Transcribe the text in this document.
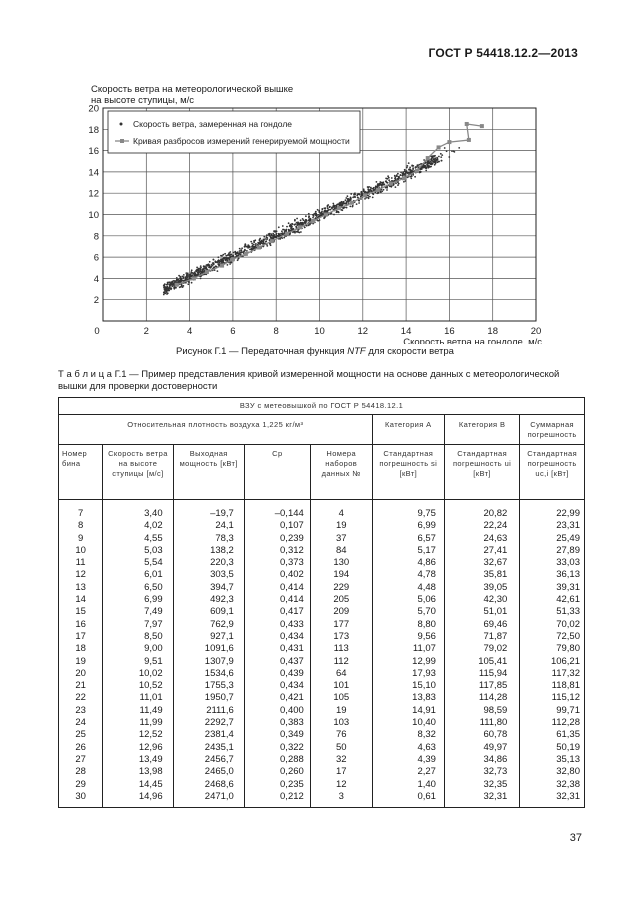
ГОСТ Р 54418.12.2—2013
Скорость ветра на метеорологической вышке
на высоте ступицы, м/с
0	2	4	6	8	10	12	14	16	18	20
2
4
6
8
10
12
14
16
18
20
Скорость ветра на гондоле, м/с
Скорость ветра, замеренная на гондоле
Кривая разбросов измерений генерируемой мощности
Рисунок Г.1 — Передаточная функция NTF для скорости ветра
Т а б л и ц а Г.1 — Пример представления кривой измеренной мощности на основе данных с метеорологической
вышки для проверки достоверности
ВЗУ с метеовышкой по ГОСТ Р 54418.12.1							
Относительная плотность воздуха 1,225 кг/м³					Категория А	Категория В	Суммарная погрешность
Номер бина	Скорость ветра на высоте ступицы [м/с]	Выходная мощность [кВт]	Cp	Номера наборов данных №	Стандартная погрешность si [кВт]	Стандартная погрешность ui [кВт]	Стандартная погрешность uc,i [кВт]
7	3,40	–19,7	–0,144	4	9,75	20,82	22,99
8	4,02	24,1	0,107	19	6,99	22,24	23,31
9	4,55	78,3	0,239	37	6,57	24,63	25,49
10	5,03	138,2	0,312	84	5,17	27,41	27,89
11	5,54	220,3	0,373	130	4,86	32,67	33,03
12	6,01	303,5	0,402	194	4,78	35,81	36,13
13	6,50	394,7	0,414	229	4,48	39,05	39,31
14	6,99	492,3	0,414	205	5,06	42,30	42,61
15	7,49	609,1	0,417	209	5,70	51,01	51,33
16	7,97	762,9	0,433	177	8,80	69,46	70,02
17	8,50	927,1	0,434	173	9,56	71,87	72,50
18	9,00	1091,6	0,431	113	11,07	79,02	79,80
19	9,51	1307,9	0,437	112	12,99	105,41	106,21
20	10,02	1534,6	0,439	64	17,93	115,94	117,32
21	10,52	1755,3	0,434	101	15,10	117,85	118,81
22	11,01	1950,7	0,421	105	13,83	114,28	115,12
23	11,49	2111,6	0,400	19	14,91	98,59	99,71
24	11,99	2292,7	0,383	103	10,40	111,80	112,28
25	12,52	2381,4	0,349	76	8,32	60,78	61,35
26	12,96	2435,1	0,322	50	4,63	49,97	50,19
27	13,49	2456,7	0,288	32	4,39	34,86	35,13
28	13,98	2465,0	0,260	17	2,27	32,73	32,80
29	14,45	2468,6	0,235	12	1,40	32,35	32,38
30	14,96	2471,0	0,212	3	0,61	32,31	32,31
37
